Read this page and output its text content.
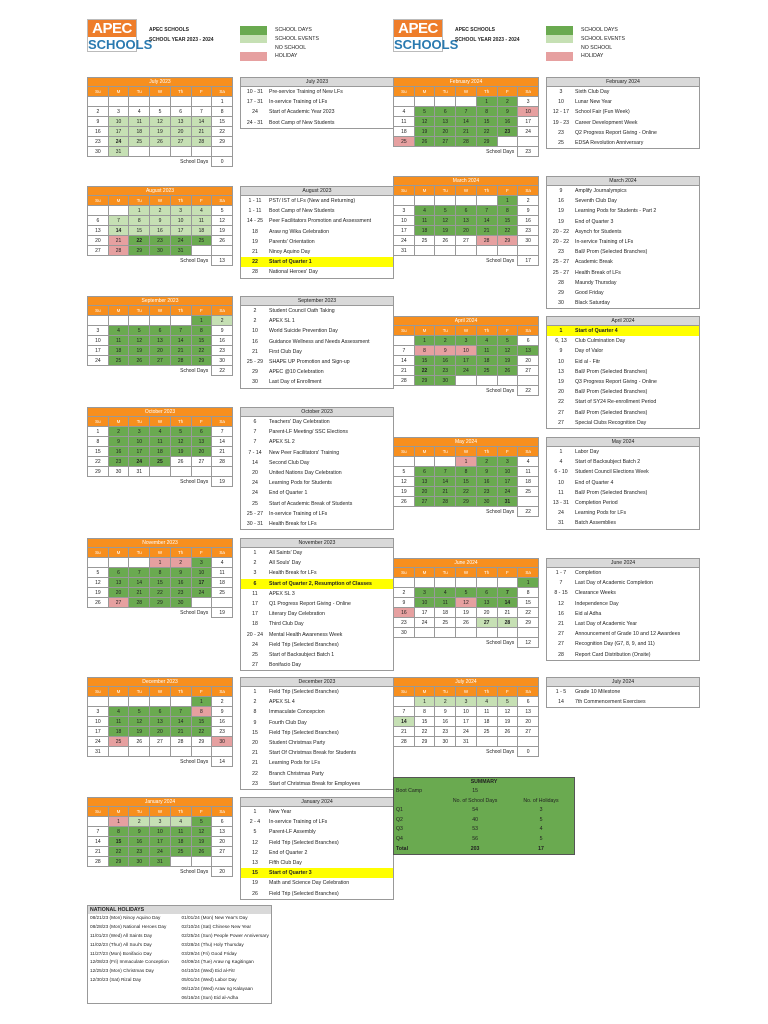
APEC
SCHOOLS
APEC SCHOOLS
SCHOOL YEAR 2023 - 2024
APEC
SCHOOLS
APEC SCHOOLS
SCHOOL YEAR 2023 - 2024
SCHOOL DAYS
SCHOOL EVENTS
NO SCHOOL
HOLIDAY
SCHOOL DAYS
SCHOOL EVENTS
NO SCHOOL
HOLIDAY
July 2023						
Su	M	Tu	W	Th	F	Sa
						1
2	3	4	5	6	7	8
9	10	11	12	13	14	15
16	17	18	19	20	21	22
23	24	25	26	27	28	29
30	31					
School Days						0
July 2023
10 - 31	Pre-service Training of New LFs
17 - 31	In-service Training of LFs
24	Start of Academic Year 2023
24 - 31	Boot Camp of New Students
August 2023						
Su	M	Tu	W	Th	F	Sa
		1	2	3	4	5
6	7	8	9	10	11	12
13	14	15	16	17	18	19
20	21	22	23	24	25	26
27	28	29	30	31		
School Days						13
August 2023
1 - 11	PST/ IST of LFs (New and Returning)
1 - 11	Boot Camp of New Students
14 - 25	Peer Facilitators Promotion and Assessment
18	Araw ng Wika Celebration
19	Parents' Orientation
21	Ninoy Aquino Day
22	Start of Quarter 1
28	National Heroes' Day
September 2023						
Su	M	Tu	W	Th	F	Sa
					1	2
3	4	5	6	7	8	9
10	11	12	13	14	15	16
17	18	19	20	21	22	23
24	25	26	27	28	29	30
School Days						22
September 2023
2	Student Council Oath Taking
2	APEX SL 1
10	World Suicide Prevention Day
16	Guidance Wellness and Needs Assessment
21	First Club Day
25 - 29	SHAPE UP Promotion and Sign-up
29	APEC @10 Celebration
30	Last Day of Enrollment
October 2023						
Su	M	Tu	W	Th	F	Sa
1	2	3	4	5	6	7
8	9	10	11	12	13	14
15	16	17	18	19	20	21
22	23	24	25	26	27	28
29	30	31				
School Days						19
October 2023
6	Teachers' Day Celebration
7	Parent-LF Meeting/ SSC Elections
7	APEX SL 2
7 - 14	New Peer Facilitators' Training
14	Second Club Day
20	United Nations Day Celebration
24	Learning Pods for Students
24	End of Quarter 1
25	Start of Academic Break of Students
25 - 27	In-service Training of LFs
30 - 31	Health Break for LFs
November 2023						
Su	M	Tu	W	Th	F	Sa
			1	2	3	4
5	6	7	8	9	10	11
12	13	14	15	16	17	18
19	20	21	22	23	24	25
26	27	28	29	30		
School Days						19
November 2023
1	All Saints' Day
2	All Souls' Day
3	Health Break for LFs
6	Start of Quarter 2, Resumption of Classes
11	APEX SL 3
17	Q1 Progress Report Giving - Online
17	Literary Day Celebration
18	Third Club Day
20 - 24	Mental Health Awareness Week
24	Field Trip (Selected Branches)
25	Start of Backsubject Batch 1
27	Bonifacio Day
December 2023						
Su	M	Tu	W	Th	F	Sa
					1	2
3	4	5	6	7	8	9
10	11	12	13	14	15	16
17	18	19	20	21	22	23
24	25	26	27	28	29	30
31						
School Days						14
December 2023
1	Field Trip (Selected Branches)
2	APEX SL 4
8	Immaculate Concepcion
9	Fourth Club Day
15	Field Trip (Selected Branches)
20	Student Christmas Party
21	Start Of Christmas Break for Students
21	Learning Pods for LFs
22	Branch Christmas Party
23	Start of Christmas Break for Employees
January 2024						
Su	M	Tu	W	Th	F	Sa
	1	2	3	4	5	6
7	8	9	10	11	12	13
14	15	16	17	18	19	20
21	22	23	24	25	26	27
28	29	30	31			
School Days						20
January 2024
1	New Year
2 - 4	In-service Training of LFs
5	Parent-LF Assembly
12	Field Trip (Selected Branches)
12	End of Quarter 2
13	Fifth Club Day
15	Start of Quarter 3
19	Math and Science Day Celebration
26	Field Trip (Selected Branches)
February 2024						
Su	M	Tu	W	Th	F	Sa
				1	2	3
4	5	6	7	8	9	10
11	12	13	14	15	16	17
18	19	20	21	22	23	24
25	26	27	28	29		
School Days						23
February 2024
3	Sixth Club Day
10	Lunar New Year
12 - 17	School Fair (Fun Week)
19 - 23	Career Development Week
23	Q2 Progress Report Giving - Online
25	EDSA Revolution Anniversary
March 2024						
Su	M	Tu	W	Th	F	Sa
					1	2
3	4	5	6	7	8	9
10	11	12	13	14	15	16
17	18	19	20	21	22	23
24	25	26	27	28	29	30
31						
School Days						17
March 2024
9	Amplify Journalympics
16	Seventh Club Day
19	Learning Pods for Students - Part 2
19	End of Quarter 3
20 - 22	Asynch for Students
20 - 22	In-service Training of LFs
23	Ball/ Prom (Selected Branches)
25 - 27	Academic Break
25 - 27	Health Break of LFs
28	Maundy Thursday
29	Good Friday
30	Black Saturday
April 2024						
Su	M	Tu	W	Th	F	Sa
	1	2	3	4	5	6
7	8	9	10	11	12	13
14	15	16	17	18	19	20
21	22	23	24	25	26	27
28	29	30				
School Days						22
April 2024
1	Start of Quarter 4
6, 13	Club Culmination Day
9	Day of Valor
10	Eid al - Fitr
13	Ball/ Prom (Selected Branches)
19	Q3 Progress Report Giving - Online
20	Ball/ Prom (Selected Branches)
22	Start of SY24 Re-enrollment Period
27	Ball/ Prom (Selected Branches)
27	Special Clubs Recognition Day
May 2024						
Su	M	Tu	W	Th	F	Sa
			1	2	3	4
5	6	7	8	9	10	11
12	13	14	15	16	17	18
19	20	21	22	23	24	25
26	27	28	29	30	31	
School Days						22
May 2024
1	Labor Day
4	Start of Backsubject Batch 2
6 - 10	Student Council Elections Week
10	End of Quarter 4
11	Ball/ Prom (Selected Branches)
13 - 31	Completion Period
24	Learning Pods for LFs
31	Batch Assemblies
June 2024						
Su	M	Tu	W	Th	F	Sa
						1
2	3	4	5	6	7	8
9	10	11	12	13	14	15
16	17	18	19	20	21	22
23	24	25	26	27	28	29
30						
School Days						12
June 2024
1 - 7	Completion
7	Last Day of Academic Completion
8 - 15	Clearance Weeks
12	Independence Day
16	Eid al Adha
21	Last Day of Academic Year
27	Announcement of Grade 10 and 12 Awardees
27	Recognition Day (G7, 8, 9, and 11)
28	Report Card Distribution (Onsite)
July 2024						
Su	M	Tu	W	Th	F	Sa
	1	2	3	4	5	6
7	8	9	10	11	12	13
14	15	16	17	18	19	20
21	22	23	24	25	26	27
28	29	30	31			
School Days						0
July 2024
1 - 5	Grade 10 Milestone
14	7th Commencement Exercises
SUMMARY
Boot Camp	15
No. of School Days	No. of Holidays
Q1	54	3
Q2	40	5
Q3	53	4
Q4	56	5
Total	203	17
NATIONAL HOLIDAYS
08/21/23 (Mon) Ninoy Aquino Day	01/01/24 (Mon) New Year's Day
08/28/23 (Mon) National Heroes Day	02/10/24 (Sat) Chinese New Year
11/01/23 (Wed) All Saints Day	02/25/24 (Sun) People Power Anniversary
11/02/23 (Thur) All Soul's Day	03/28/24 (Thu) Holy Thursday
11/27/23 (Mon) Bonifacio Day	03/29/24 (Fri) Good Friday
12/08/23 (Fri) Immaculate Conception	04/09/24 (Tue) Araw ng Kagitingan
12/25/23 (Mon) Christmas Day	04/10/24 (Wed) Eid al-Fitr
12/30/23 (Sat) Rizal Day	05/01/24 (Wed) Labor Day
06/12/24 (Wed) Araw ng Kalayaan
06/16/24 (Sun) Eid al-Adha
